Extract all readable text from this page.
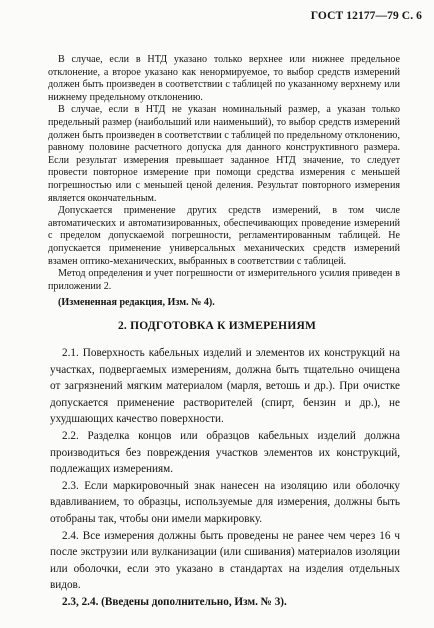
ГОСТ 12177—79 С. 6

В случае, если в НТД указано только верхнее или нижнее предельное отклонение, а второе указано как ненормируемое, то выбор средств измерений должен быть произведен в соответствии с таблицей по указанному верхнему или нижнему предельному отклонению.

В случае, если в НТД не указан номинальный размер, а указан только предельный размер (наибольший или наименьший), то выбор средств измерений должен быть произведен в соответствии с таблицей по предельному отклонению, равному половине расчетного допуска для данного конструктивного размера. Если результат измерения превышает заданное НТД значение, то следует провести повторное измерение при помощи средства измерения с меньшей погрешностью или с меньшей ценой деления. Результат повторного измерения является окончательным.

Допускается применение других средств измерений, в том числе автоматических и автоматизированных, обеспечивающих проведение измерений с пределом допускаемой погрешности, регламентированным таблицей. Не допускается применение универсальных механических средств измерений взамен оптико-механических, выбранных в соответствии с таблицей.

Метод определения и учет погрешности от измерительного усилия приведен в приложении 2.

(Измененная редакция, Изм. № 4).

2. ПОДГОТОВКА К ИЗМЕРЕНИЯМ

2.1. Поверхность кабельных изделий и элементов их конструкций на участках, подвергаемых измерениям, должна быть тщательно очищена от загрязнений мягким материалом (марля, ветошь и др.). При очистке допускается применение растворителей (спирт, бензин и др.), не ухудшающих качество поверхности.

2.2. Разделка концов или образцов кабельных изделий должна производиться без повреждения участков элементов их конструкций, подлежащих измерениям.

2.3. Если маркировочный знак нанесен на изоляцию или оболочку вдавливанием, то образцы, используемые для измерения, должны быть отобраны так, чтобы они имели маркировку.

2.4. Все измерения должны быть проведены не ранее чем через 16 ч после экструзии или вулканизации (или сшивания) материалов изоляции или оболочки, если это указано в стандартах на изделия отдельных видов.

2.3, 2.4. (Введены дополнительно, Изм. № 3).
